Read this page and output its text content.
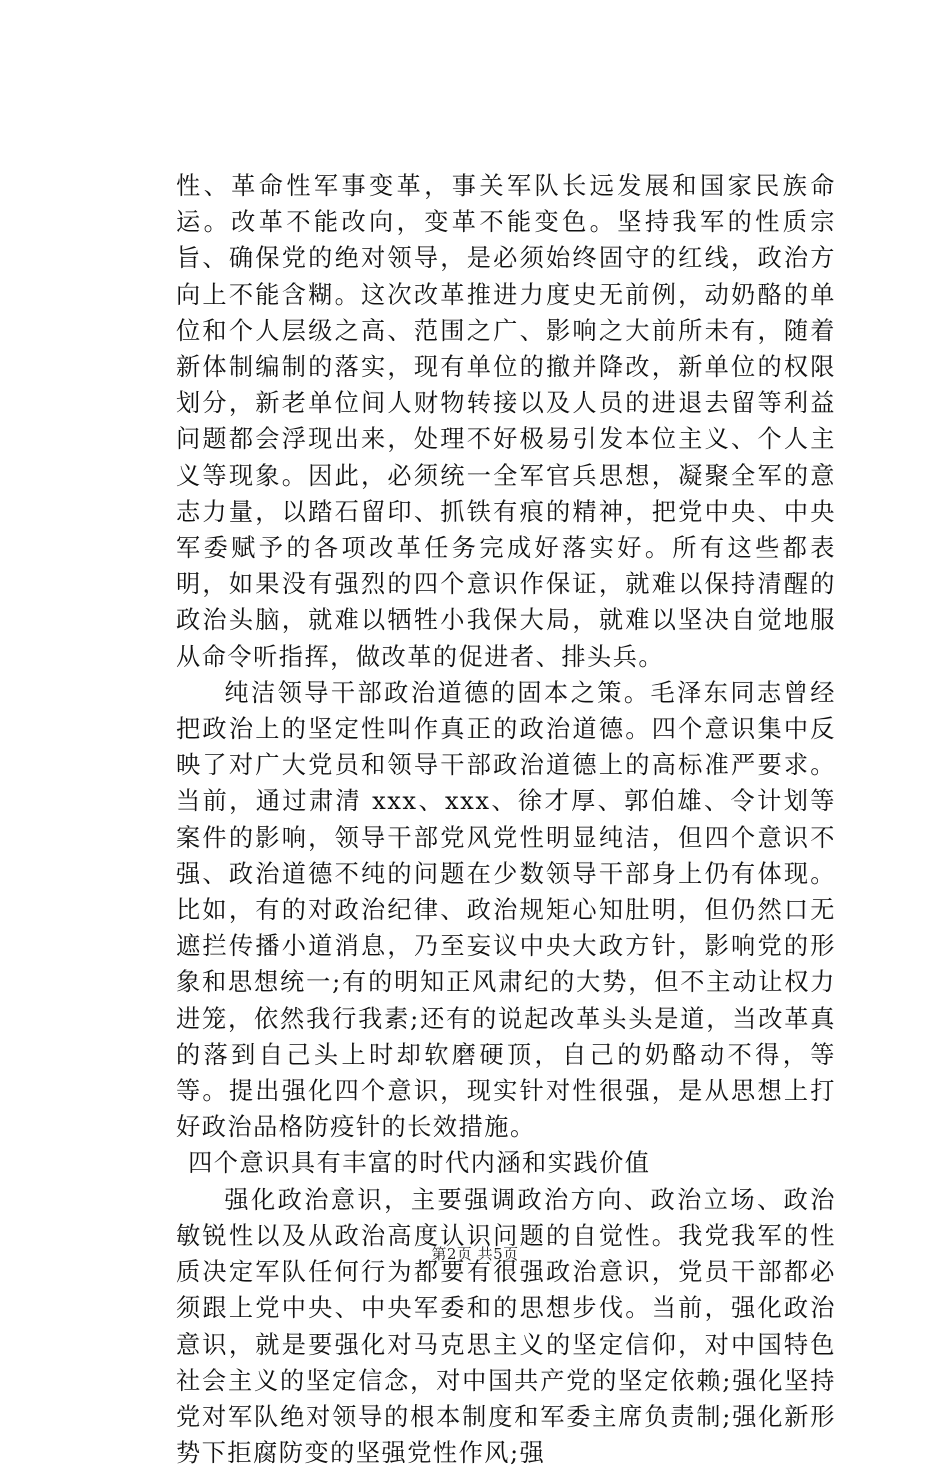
性、革命性军事变革，事关军队长远发展和国家民族命运。改革不能改向，变革不能变色。坚持我军的性质宗旨、确保党的绝对领导，是必须始终固守的红线，政治方向上不能含糊。这次改革推进力度史无前例，动奶酪的单位和个人层级之高、范围之广、影响之大前所未有，随着新体制编制的落实，现有单位的撤并降改，新单位的权限划分，新老单位间人财物转接以及人员的进退去留等利益问题都会浮现出来，处理不好极易引发本位主义、个人主义等现象。因此，必须统一全军官兵思想，凝聚全军的意志力量，以踏石留印、抓铁有痕的精神，把党中央、中央军委赋予的各项改革任务完成好落实好。所有这些都表明，如果没有强烈的四个意识作保证，就难以保持清醒的政治头脑，就难以牺牲小我保大局，就难以坚决自觉地服从命令听指挥，做改革的促进者、排头兵。

纯洁领导干部政治道德的固本之策。毛泽东同志曾经把政治上的坚定性叫作真正的政治道德。四个意识集中反映了对广大党员和领导干部政治道德上的高标准严要求。当前，通过肃清 xxx、xxx、徐才厚、郭伯雄、令计划等案件的影响，领导干部党风党性明显纯洁，但四个意识不强、政治道德不纯的问题在少数领导干部身上仍有体现。比如，有的对政治纪律、政治规矩心知肚明，但仍然口无遮拦传播小道消息，乃至妄议中央大政方针，影响党的形象和思想统一;有的明知正风肃纪的大势，但不主动让权力进笼，依然我行我素;还有的说起改革头头是道，当改革真的落到自己头上时却软磨硬顶，自己的奶酪动不得，等等。提出强化四个意识，现实针对性很强，是从思想上打好政治品格防疫针的长效措施。

四个意识具有丰富的时代内涵和实践价值

强化政治意识，主要强调政治方向、政治立场、政治敏锐性以及从政治高度认识问题的自觉性。我党我军的性质决定军队任何行为都要有很强政治意识，党员干部都必须跟上党中央、中央军委和的思想步伐。当前，强化政治意识，就是要强化对马克思主义的坚定信仰，对中国特色社会主义的坚定信念，对中国共产党的坚定依赖;强化坚持党对军队绝对领导的根本制度和军委主席负责制;强化新形势下拒腐防变的坚强党性作风;强

第2页 共5页
